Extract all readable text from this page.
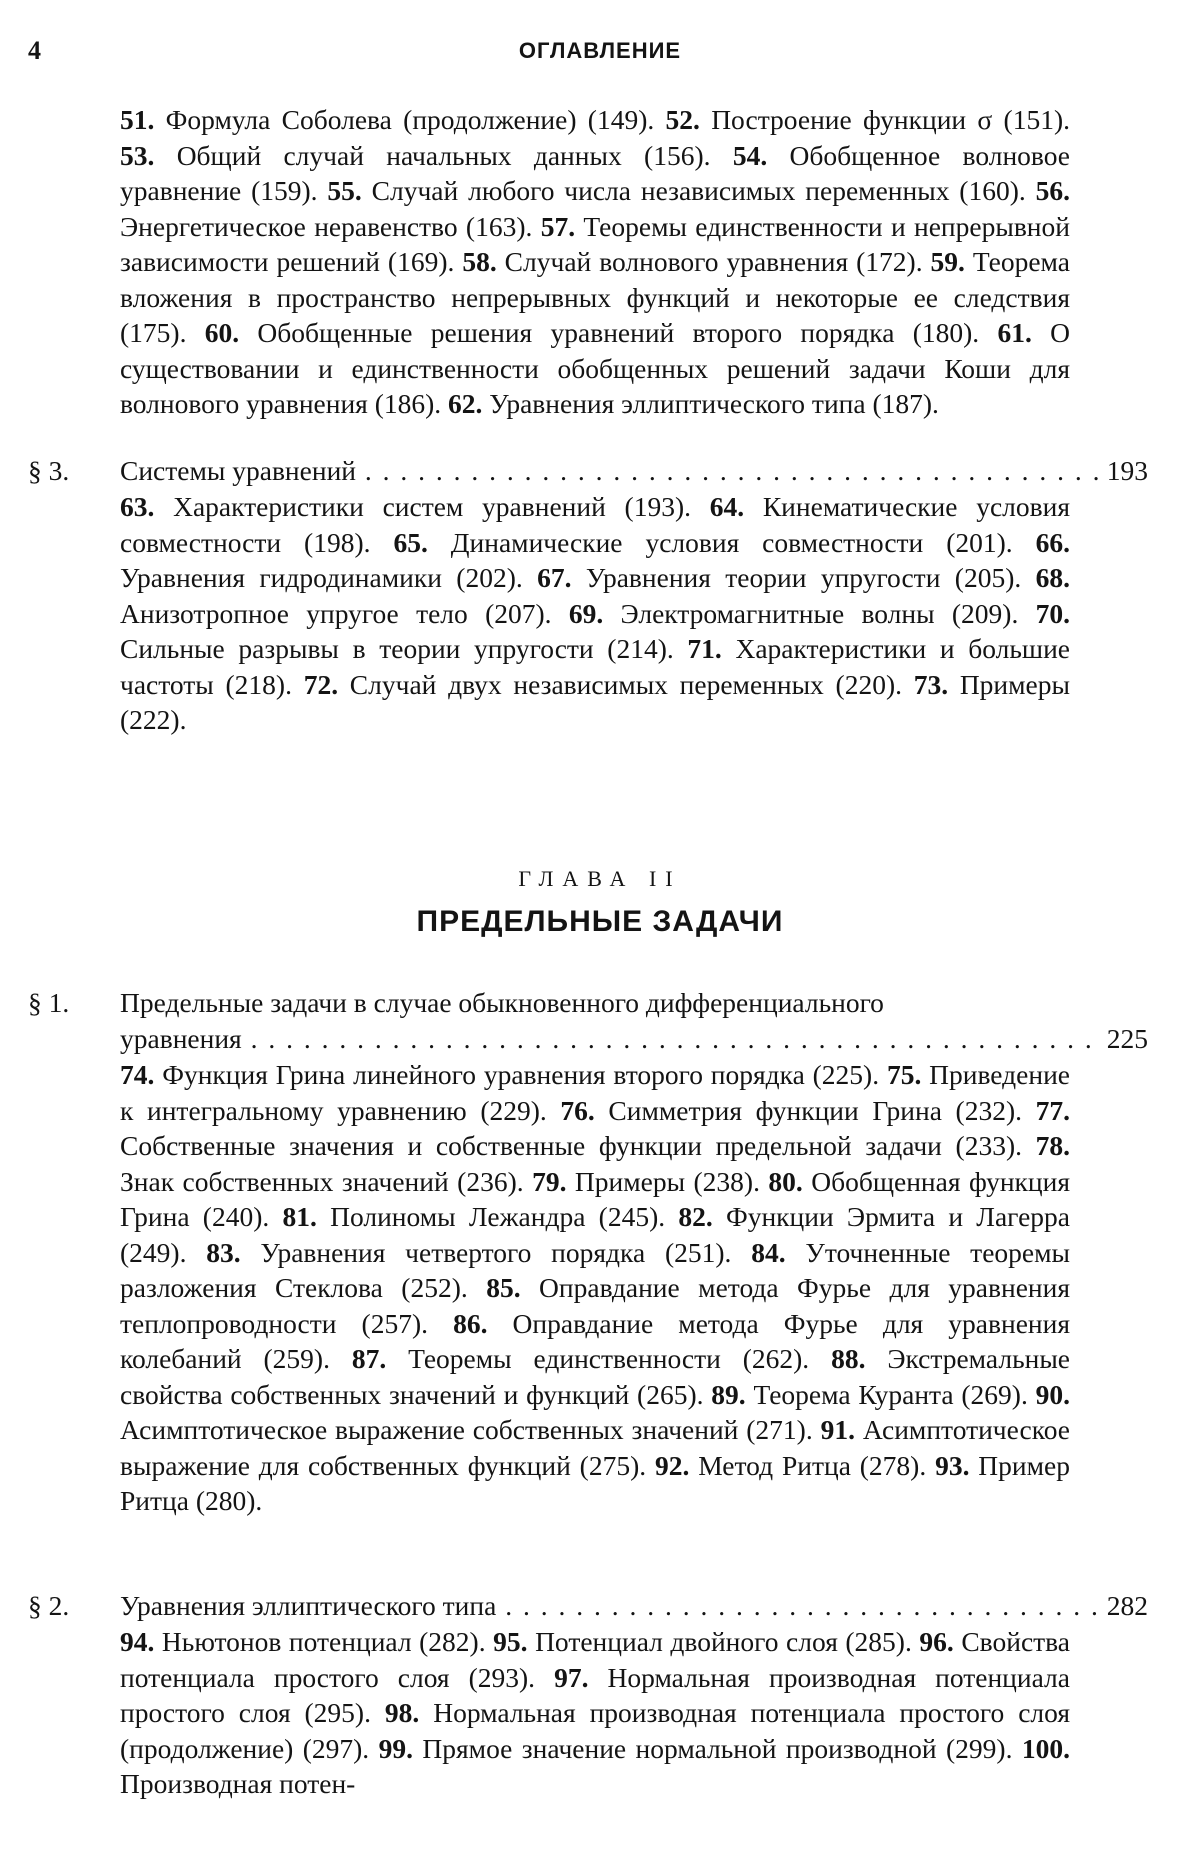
4	ОГЛАВЛЕНИЕ
51. Формула Соболева (продолжение) (149). 52. Построение функции σ (151). 53. Общий случай начальных данных (156). 54. Обобщенное волновое уравнение (159). 55. Случай любого числа независимых переменных (160). 56. Энергетическое неравенство (163). 57. Теоремы единственности и непрерывной зависимости решений (169). 58. Случай волнового уравнения (172). 59. Теорема вложения в пространство непрерывных функций и некоторые ее следствия (175). 60. Обобщенные решения уравнений второго порядка (180). 61. О существовании и единственности обобщенных решений задачи Коши для волнового уравнения (186). 62. Уравнения эллиптического типа (187).
§ 3. Системы уравнений . . .	193
63. Характеристики систем уравнений (193). 64. Кинематические условия совместности (198). 65. Динамические условия совместности (201). 66. Уравнения гидродинамики (202). 67. Уравнения теории упругости (205). 68. Анизотропное упругое тело (207). 69. Электромагнитные волны (209). 70. Сильные разрывы в теории упругости (214). 71. Характеристики и большие частоты (218). 72. Случай двух независимых переменных (220). 73. Примеры (222).
ГЛАВА II
ПРЕДЕЛЬНЫЕ ЗАДАЧИ
§ 1. Предельные задачи в случае обыкновенного дифференциального
уравнения . . .	225
74. Функция Грина линейного уравнения второго порядка (225). 75. Приведение к интегральному уравнению (229). 76. Симметрия функции Грина (232). 77. Собственные значения и собственные функции предельной задачи (233). 78. Знак собственных значений (236). 79. Примеры (238). 80. Обобщенная функция Грина (240). 81. Полиномы Лежандра (245). 82. Функции Эрмита и Лагерра (249). 83. Уравнения четвертого порядка (251). 84. Уточненные теоремы разложения Стеклова (252). 85. Оправдание метода Фурье для уравнения теплопроводности (257). 86. Оправдание метода Фурье для уравнения колебаний (259). 87. Теоремы единственности (262). 88. Экстремальные свойства собственных значений и функций (265). 89. Теорема Куранта (269). 90. Асимптотическое выражение собственных значений (271). 91. Асимптотическое выражение для собственных функций (275). 92. Метод Ритца (278). 93. Пример Ритца (280).
§ 2. Уравнения эллиптического типа . . .	282
94. Ньютонов потенциал (282). 95. Потенциал двойного слоя (285). 96. Свойства потенциала простого слоя (293). 97. Нормальная производная потенциала простого слоя (295). 98. Нормальная производная потенциала простого слоя (продолжение) (297). 99. Прямое значение нормальной производной (299). 100. Производная потен-
